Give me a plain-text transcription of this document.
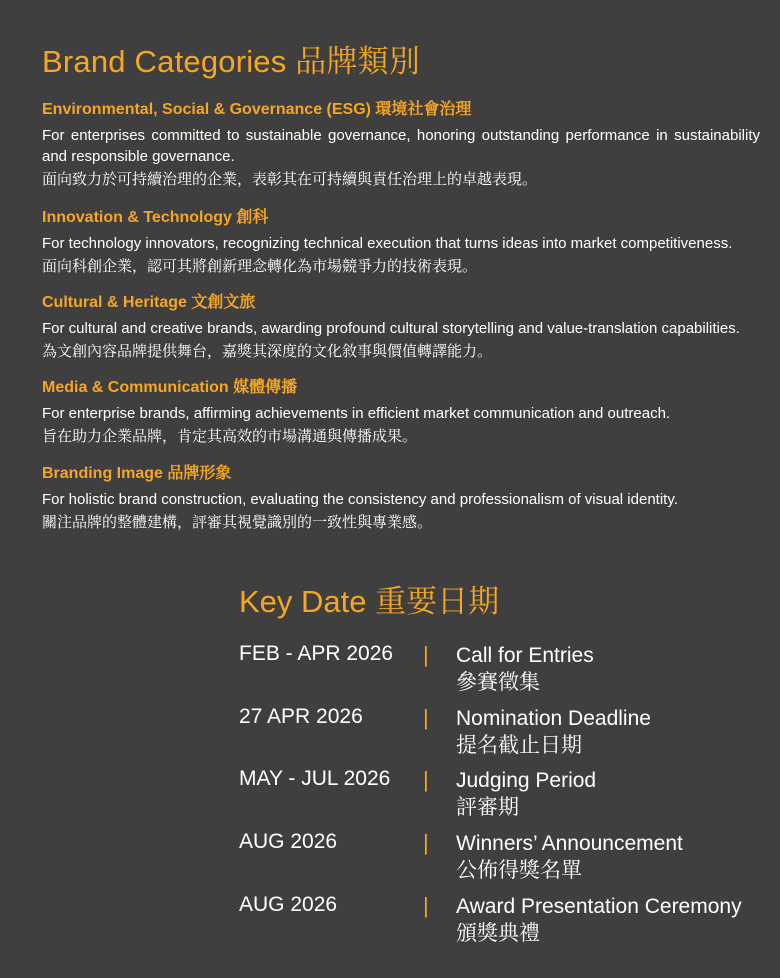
Brand Categories 品牌類別

Environmental, Social & Governance (ESG) 環境社會治理

For enterprises committed to sustainable governance, honoring outstanding performance in sustainability and responsible governance.

面向致力於可持續治理的企業，表彰其在可持續與責任治理上的卓越表現。

Innovation & Technology 創科

For technology innovators, recognizing technical execution that turns ideas into market competitiveness.

面向科創企業，認可其將創新理念轉化為市場競爭力的技術表現。

Cultural & Heritage 文創文旅

For cultural and creative brands, awarding profound cultural storytelling and value-translation capabilities.

為文創內容品牌提供舞台，嘉獎其深度的文化敘事與價值轉譯能力。

Media & Communication 媒體傳播

For enterprise brands, affirming achievements in efficient market communication and outreach.

旨在助力企業品牌，肯定其高效的市場溝通與傳播成果。

Branding Image 品牌形象

For holistic brand construction, evaluating the consistency and professionalism of visual identity.

關注品牌的整體建構，評審其視覺識別的一致性與專業感。

Key Date 重要日期
FEB - APR 2026 | Call for Entries
參賽徵集
27 APR 2026	| Nomination Deadline
提名截止日期
MAY - JUL 2026 | Judging Period
評審期
AUG 2026	| Winners’ Announcement
公佈得獎名單
AUG 2026	| Award Presentation Ceremony
頒獎典禮
